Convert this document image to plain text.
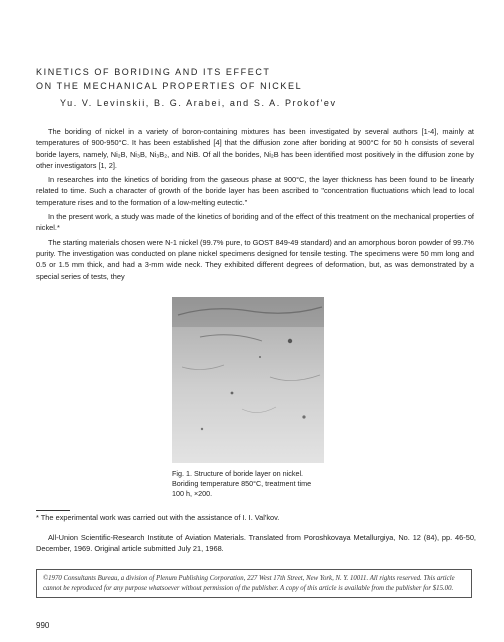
KINETICS OF BORIDING AND ITS EFFECT
ON THE MECHANICAL PROPERTIES OF NICKEL
Yu. V. Levinskii, B. G. Arabei, and S. A. Prokof'ev

The boriding of nickel in a variety of boron-containing mixtures has been investigated by several authors [1-4], mainly at temperatures of 900-950°C. It has been established [4] that the diffusion zone after boriding at 900°C for 50 h consists of several boride layers, namely, Ni₂B, Ni₃B, Ni₃B₂, and NiB. Of all the borides, Ni₂B has been identified most positively in the diffusion zone by other investigators [1, 2].

In researches into the kinetics of boriding from the gaseous phase at 900°C, the layer thickness has been found to be linearly related to time. Such a character of growth of the boride layer has been ascribed to "concentration fluctuations which lead to local temperature rises and to the formation of a low-melting eutectic."

In the present work, a study was made of the kinetics of boriding and of the effect of this treatment on the mechanical properties of nickel.*

The starting materials chosen were N-1 nickel (99.7% pure, to GOST 849-49 standard) and an amorphous boron powder of 99.7% purity. The investigation was conducted on plane nickel specimens designed for tensile testing. The specimens were 50 mm long and 0.5 or 1.5 mm thick, and had a 3-mm wide neck. They exhibited different degrees of deformation, but, as was demonstrated by a special series of tests, they

Fig. 1. Structure of boride layer on nickel.
Boriding temperature 850°C, treatment time
100 h, ×200.
* The experimental work was carried out with the assistance of I. I. Val'kov.

All-Union Scientific-Research Institute of Aviation Materials. Translated from Poroshkovaya Metallurgiya, No. 12 (84), pp. 46-50, December, 1969. Original article submitted July 21, 1968.

©1970 Consultants Bureau, a division of Plenum Publishing Corporation, 227 West 17th Street, New York, N. Y. 10011. All rights reserved. This article cannot be reproduced for any purpose whatsoever without permission of the publisher. A copy of this article is available from the publisher for $15.00.
990
